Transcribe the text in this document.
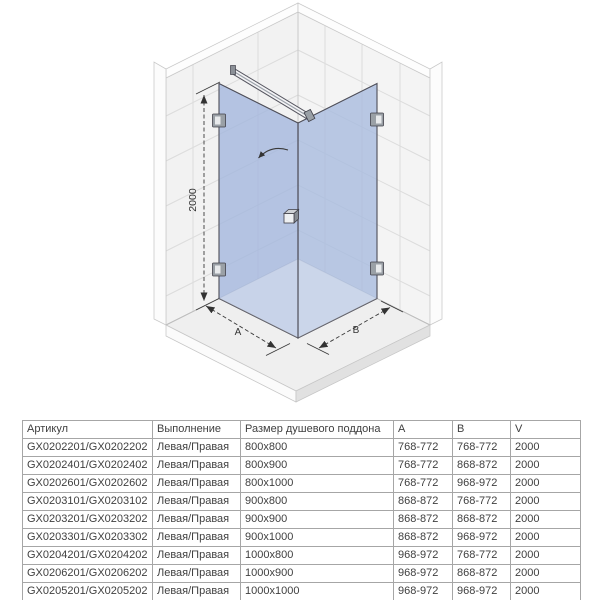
2000
A	B
Артикул	Выполнение	Размер душевого поддона	A	B	V
GX0202201/GX0202202	Левая/Правая	800x800	768-772	768-772	2000
GX0202401/GX0202402	Левая/Правая	800x900	768-772	868-872	2000
GX0202601/GX0202602	Левая/Правая	800x1000	768-772	968-972	2000
GX0203101/GX0203102	Левая/Правая	900x800	868-872	768-772	2000
GX0203201/GX0203202	Левая/Правая	900x900	868-872	868-872	2000
GX0203301/GX0203302	Левая/Правая	900x1000	868-872	968-972	2000
GX0204201/GX0204202	Левая/Правая	1000x800	968-972	768-772	2000
GX0206201/GX0206202	Левая/Правая	1000x900	968-972	868-872	2000
GX0205201/GX0205202	Левая/Правая	1000x1000	968-972	968-972	2000
